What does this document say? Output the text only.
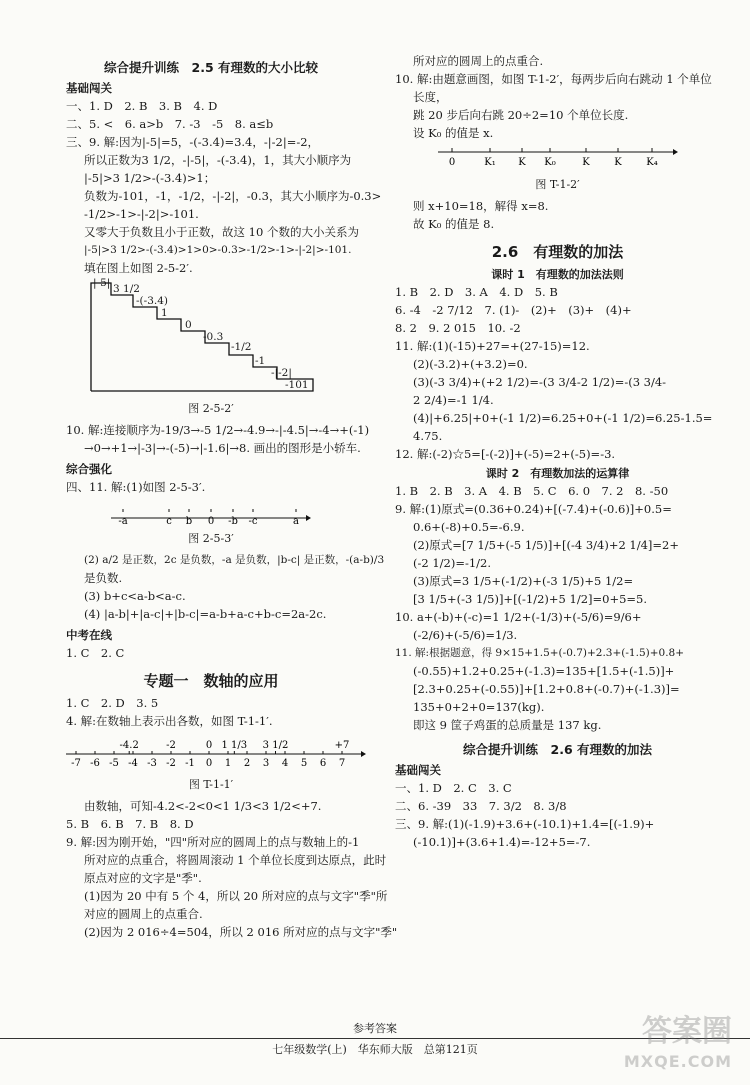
综合提升训练　2.5 有理数的大小比较
基础闯关
一、1. D　2. B　3. B　4. D
二、5. <　6. a>b　7. -3　-5　8. a≤b
三、9. 解:因为|-5|=5，-(-3.4)=3.4，-|-2|=-2，
所以正数为3 1/2，-|-5|，-(-3.4)，1，其大小顺序为
|-5|>3 1/2>-(-3.4)>1；
负数为-101，-1，-1/2，-|-2|，-0.3，其大小顺序为-0.3>
-1/2>-1>-|-2|>-101.
又零大于负数且小于正数，故这 10 个数的大小关系为
|-5|>3 1/2>-(-3.4)>1>0>-0.3>-1/2>-1>-|-2|>-101.
填在图上如图 2-5-2′.
|-5| 3 1/2
-(-3.4)
1
0
-0.3
-1/2
-1
-|-2|
-101
图 2-5-2′
10. 解:连接顺序为-19/3→-5 1/2→-4.9→-|-4.5|→-4→+(-1)
→0→+1→|-3|→-(-5)→|-1.6|→8. 画出的图形是小轿车.
综合强化
四、11. 解:(1)如图 2-5-3′.
-a	c b 0 -b -c	a
图 2-5-3′
(2) a/2 是正数，2c 是负数，-a 是负数，|b-c| 是正数，-(a-b)/3
是负数.
(3) b+c<a-b<a-c.
(4) |a-b|+|a-c|+|b-c|=a-b+a-c+b-c=2a-2c.
中考在线
1. C　2. C
专题一　数轴的应用
1. C　2. D　3. 5
4. 解:在数轴上表示出各数，如图 T-1-1′.
-7 -6 -5 -4 -3 -2 -1 0 1 2 3 4 5 6 7
-4.2	-2	0 1 1/3 3 1/2	+7
图 T-1-1′
由数轴，可知-4.2<-2<0<1 1/3<3 1/2<+7.
5. B　6. B　7. B　8. D
9. 解:因为刚开始，"四"所对应的圆周上的点与数轴上的-1
所对应的点重合，将圆周滚动 1 个单位长度到达原点，此时
原点对应的文字是"季".
(1)因为 20 中有 5 个 4，所以 20 所对应的点与文字"季"所
对应的圆周上的点重合.
(2)因为 2 016÷4=504，所以 2 016 所对应的点与文字"季"
所对应的圆周上的点重合.
10. 解:由题意画图，如图 T-1-2′，每两步后向右跳动 1 个单位
长度，
跳 20 步后向右跳 20÷2=10 个单位长度.
设 K₀ 的值是 x.
0	K₁ K K₀	K K K₄
图 T-1-2′
则 x+10=18，解得 x=8.
故 K₀ 的值是 8.
2.6　有理数的加法
课时 1　有理数的加法法则
1. B　2. D　3. A　4. D　5. B
6. -4　-2 7/12　7. (1)-　(2)+　(3)+　(4)+
8. 2　9. 2 015　10. -2
11. 解:(1)(-15)+27=+(27-15)=12.
(2)(-3.2)+(+3.2)=0.
(3)(-3 3/4)+(+2 1/2)=-(3 3/4-2 1/2)=-(3 3/4-
2 2/4)=-1 1/4.
(4)|+6.25|+0+(-1 1/2)=6.25+0+(-1 1/2)=6.25-1.5=
4.75.
12. 解:(-2)☆5=[-(-2)]+(-5)=2+(-5)=-3.
课时 2　有理数加法的运算律
1. B　2. B　3. A　4. B　5. C　6. 0　7. 2　8. -50
9. 解:(1)原式=(0.36+0.24)+[(-7.4)+(-0.6)]+0.5=
0.6+(-8)+0.5=-6.9.
(2)原式=[7 1/5+(-5 1/5)]+[(-4 3/4)+2 1/4]=2+
(-2 1/2)=-1/2.
(3)原式=3 1/5+(-1/2)+(-3 1/5)+5 1/2=
[3 1/5+(-3 1/5)]+[(-1/2)+5 1/2]=0+5=5.
10. a+(-b)+(-c)=1 1/2+(-1/3)+(-5/6)=9/6+
(-2/6)+(-5/6)=1/3.
11. 解:根据题意，得 9×15+1.5+(-0.7)+2.3+(-1.5)+0.8+
(-0.55)+1.2+0.25+(-1.3)=135+[1.5+(-1.5)]+
[2.3+0.25+(-0.55)]+[1.2+0.8+(-0.7)+(-1.3)]=
135+0+2+0=137(kg).
即这 9 筐子鸡蛋的总质量是 137 kg.
综合提升训练　2.6 有理数的加法
基础闯关
一、1. D　2. C　3. C
二、6. -39　33　7. 3/2　8. 3/8
三、9. 解:(1)(-1.9)+3.6+(-10.1)+1.4=[(-1.9)+
(-10.1)]+(3.6+1.4)=-12+5=-7.
参考答案
七年级数学(上)　华东师大版　总第121页
答案圈
MXQE.COM
